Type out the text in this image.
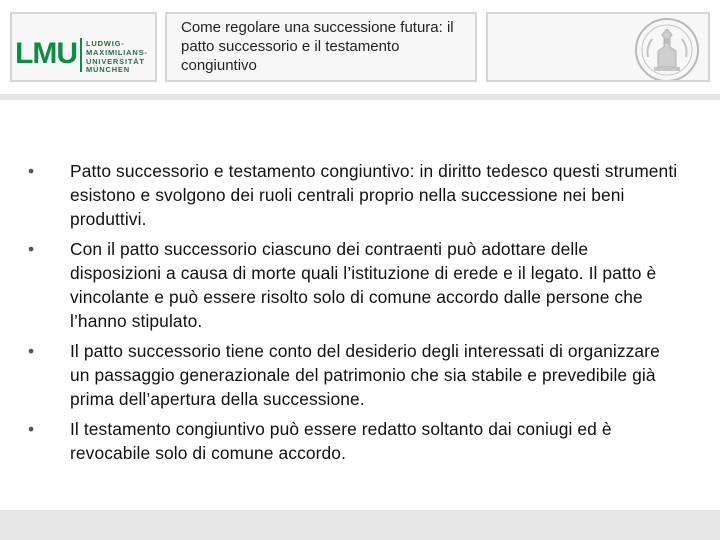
LMU LUDWIG-
MAXIMILIANS-
UNIVERSITÄT
MÜNCHEN
Come regolare una successione futura: il patto successorio e il testamento congiuntivo
•	Patto successorio e testamento congiuntivo: in diritto tedesco questi strumenti esistono e svolgono dei ruoli centrali proprio nella successione nei beni produttivi.
•	Con il patto successorio ciascuno dei contraenti può adottare delle disposizioni a causa di morte quali l’istituzione di erede e il legato. Il patto è vincolante e può essere risolto solo di comune accordo dalle persone che l’hanno stipulato.
•	Il patto successorio tiene conto del desiderio degli interessati di organizzare un passaggio generazionale del patrimonio che sia stabile e prevedibile già prima dell’apertura della successione.
•	Il testamento congiuntivo può essere redatto soltanto dai coniugi ed è revocabile solo di comune accordo.
